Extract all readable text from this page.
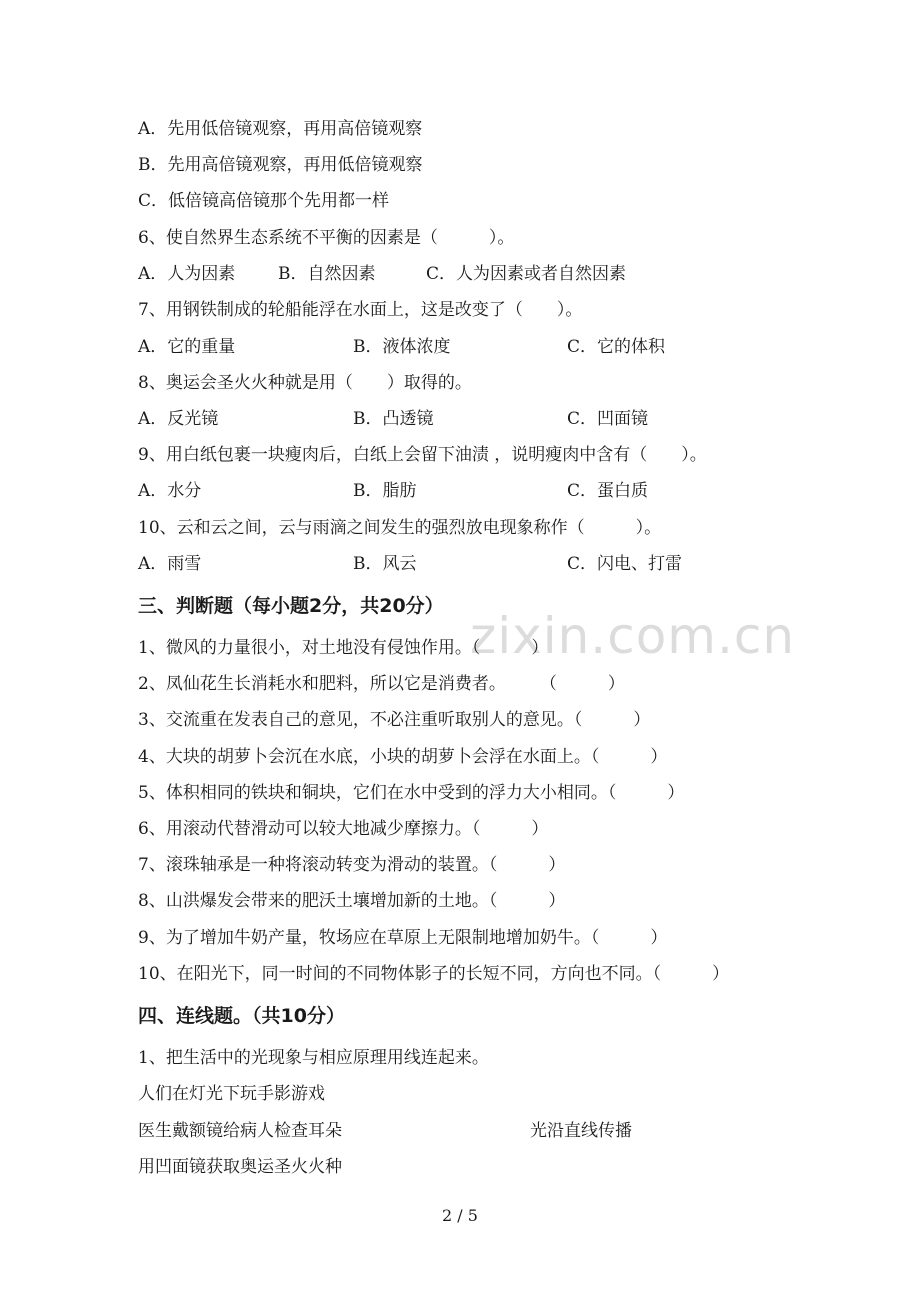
zixin.com.cn
A．先用低倍镜观察，再用高倍镜观察
B．先用高倍镜观察，再用低倍镜观察
C．低倍镜高倍镜那个先用都一样
6、使自然界生态系统不平衡的因素是（　　　）。
A．人为因素	B．自然因素	C．人为因素或者自然因素
7、用钢铁制成的轮船能浮在水面上，这是改变了（　　）。
A．它的重量	B．液体浓度	C．它的体积
8、奥运会圣火火种就是用（　　）取得的。
A．反光镜	B．凸透镜	C．凹面镜
9、用白纸包裹一块瘦肉后，白纸上会留下油渍 ，说明瘦肉中含有（　　）。
A．水分	B．脂肪	C．蛋白质
10、云和云之间，云与雨滴之间发生的强烈放电现象称作（　　　）。
A．雨雪	B．风云	C．闪电、打雷
三、判断题（每小题2分，共20分）
1、微风的力量很小，对土地没有侵蚀作用。（　　　）
2、凤仙花生长消耗水和肥料，所以它是消费者。　　　（　　　）
3、交流重在发表自己的意见，不必注重听取别人的意见。（　　　）
4、大块的胡萝卜会沉在水底，小块的胡萝卜会浮在水面上。（　　　）
5、体积相同的铁块和铜块，它们在水中受到的浮力大小相同。（　　　）
6、用滚动代替滑动可以较大地减少摩擦力。（　　　）
7、滚珠轴承是一种将滚动转变为滑动的装置。（　　　）
8、山洪爆发会带来的肥沃土壤增加新的土地。（　　　）
9、为了增加牛奶产量，牧场应在草原上无限制地增加奶牛。（　　　）
10、在阳光下，同一时间的不同物体影子的长短不同，方向也不同。（　　　）
四、连线题。（共10分）
1、把生活中的光现象与相应原理用线连起来。
人们在灯光下玩手影游戏
医生戴额镜给病人检查耳朵	光沿直线传播
用凹面镜获取奥运圣火火种
2 / 5
